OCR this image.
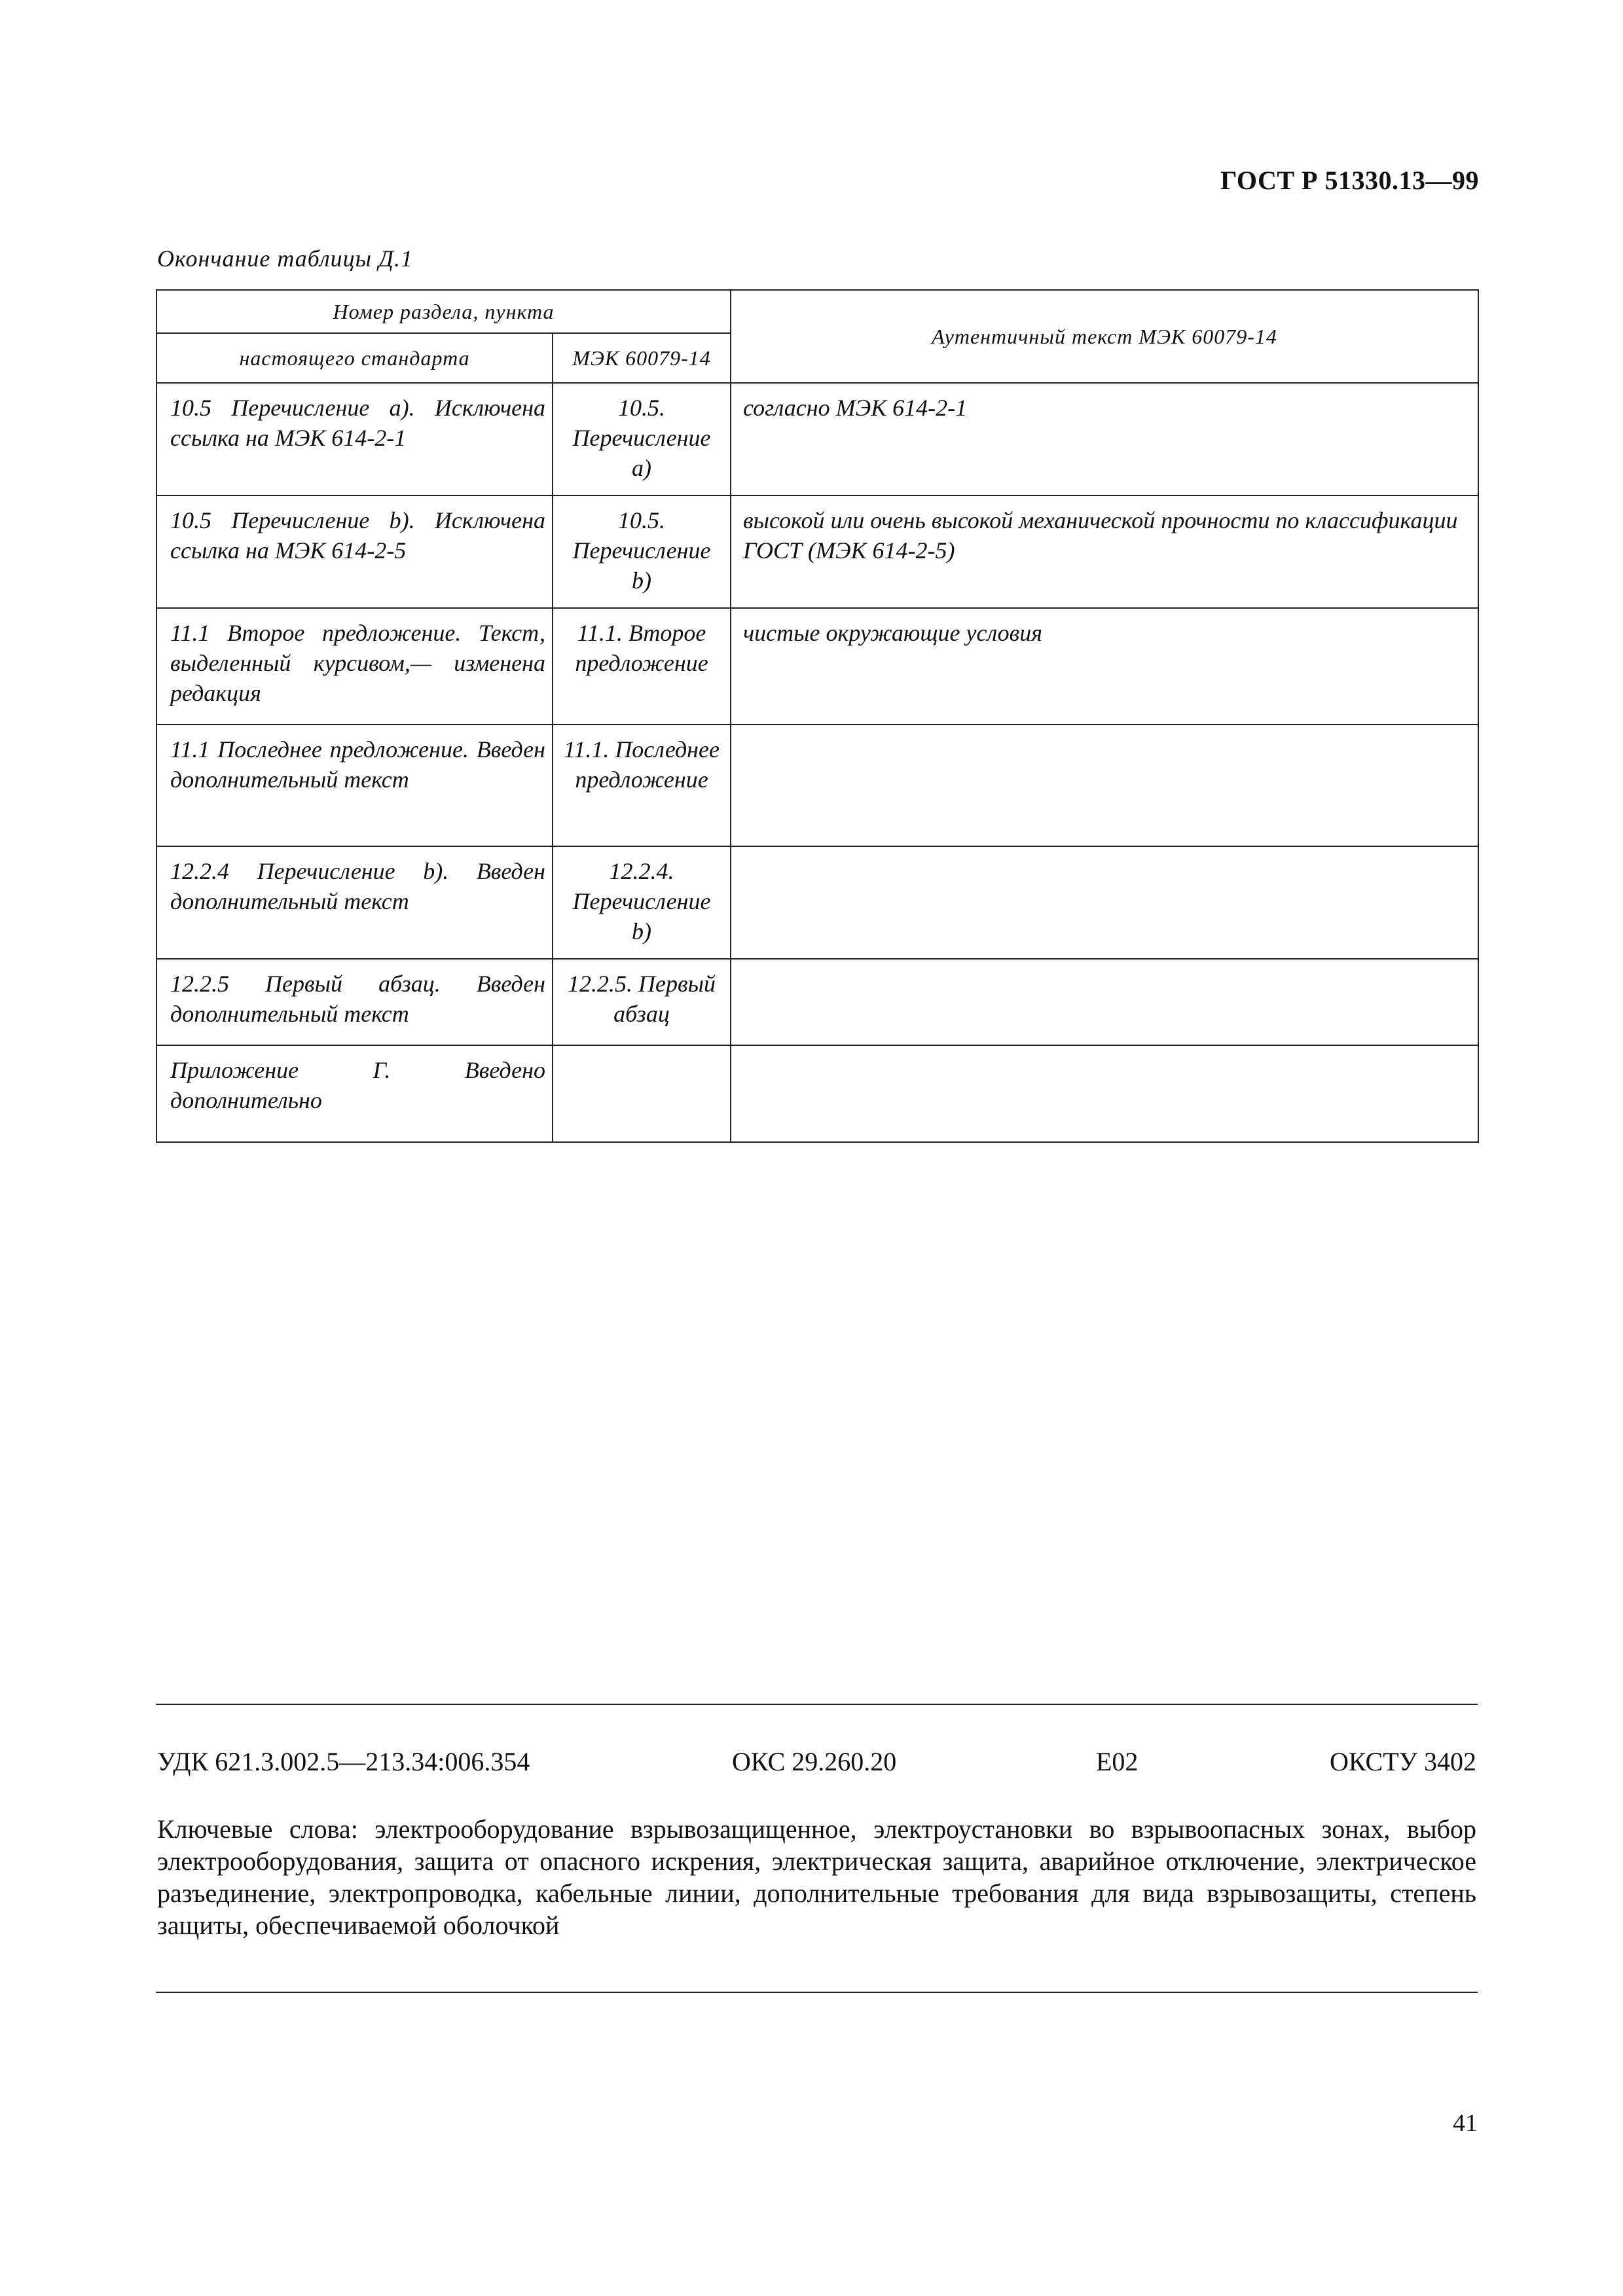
ГОСТ Р 51330.13—99
Окончание таблицы Д.1
Номер раздела, пункта		Аутентичный текст МЭК 60079-14
настоящего стандарта	МЭК 60079-14	
10.5 Перечисление a). Исключена ссылка на МЭК 614-2-1	10.5. Перечисление a)	согласно МЭК 614-2-1
10.5 Перечисление b). Исключена ссылка на МЭК 614-2-5	10.5. Перечисление b)	высокой или очень высокой механической прочности по классификации ГОСТ (МЭК 614-2-5)
11.1 Второе предложение. Текст, выделенный курсивом,— изменена редакция	11.1. Второе предложение	чистые окружающие условия
11.1 Последнее предложение. Введен дополнительный текст	11.1. Последнее предложение	
12.2.4 Перечисление b). Введен дополнительный текст	12.2.4. Перечисление b)	
12.2.5 Первый абзац. Введен дополнительный текст	12.2.5. Первый абзац	
Приложение Г. Введено дополнительно		
УДК 621.3.002.5—213.34:006.354	ОКС 29.260.20	Е02	ОКСТУ 3402
Ключевые слова: электрооборудование взрывозащищенное, электроустановки во взрывоопасных зонах, выбор электрооборудования, защита от опасного искрения, электрическая защита, аварийное отключение, электрическое разъединение, электропроводка, кабельные линии, дополнительные требования для вида взрывозащиты, степень защиты, обеспечиваемой оболочкой
41
